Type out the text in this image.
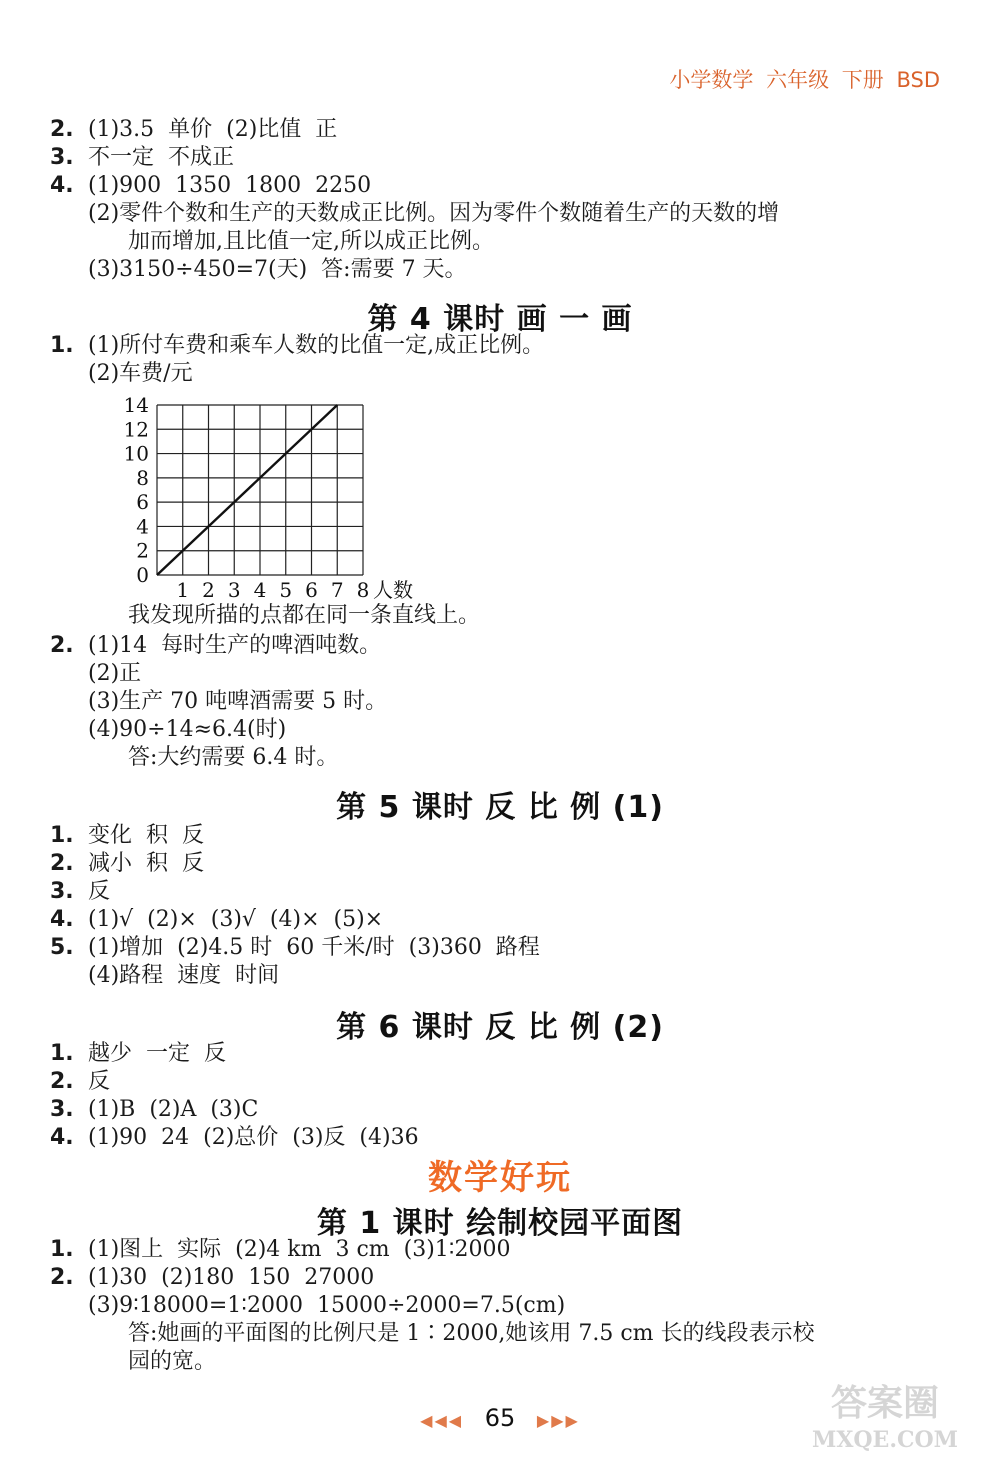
小学数学 六年级 下册 BSD
2. (1)3.5  单价  (2)比值  正
3. 不一定  不成正
4. (1)900  1350  1800  2250
(2)零件个数和生产的天数成正比例。因为零件个数随着生产的天数的增
加而增加,且比值一定,所以成正比例。
(3)3150÷450=7(天)  答:需要 7 天。
第 4 课时 画 一 画
1. (1)所付车费和乘车人数的比值一定,成正比例。
(2)车费/元
0
2
4
6
8
10
12
14
1 2 3 4 5 6 7 8 人数
我发现所描的点都在同一条直线上。
2. (1)14  每时生产的啤酒吨数。
(2)正
(3)生产 70 吨啤酒需要 5 时。
(4)90÷14≈6.4(时)
答:大约需要 6.4 时。
第 5 课时 反 比 例 (1)
1. 变化  积  反
2. 减小  积  反
3. 反
4. (1)√  (2)×  (3)√  (4)×  (5)×
5. (1)增加  (2)4.5 时  60 千米/时  (3)360  路程
(4)路程  速度  时间
第 6 课时 反 比 例 (2)
1. 越少  一定  反
2. 反
3. (1)B  (2)A  (3)C
4. (1)90  24  (2)总价  (3)反  (4)36
数学好玩
第 1 课时 绘制校园平面图
1. (1)图上  实际  (2)4 km  3 cm  (3)1∶2000
2. (1)30  (2)180  150  27000
(3)9∶18000=1∶2000  15000÷2000=7.5(cm)
答:她画的平面图的比例尺是 1∶2000,她该用 7.5 cm 长的线段表示校
园的宽。
◀◀◀ 65 ▶▶▶	答案圈
MXQE.COM
